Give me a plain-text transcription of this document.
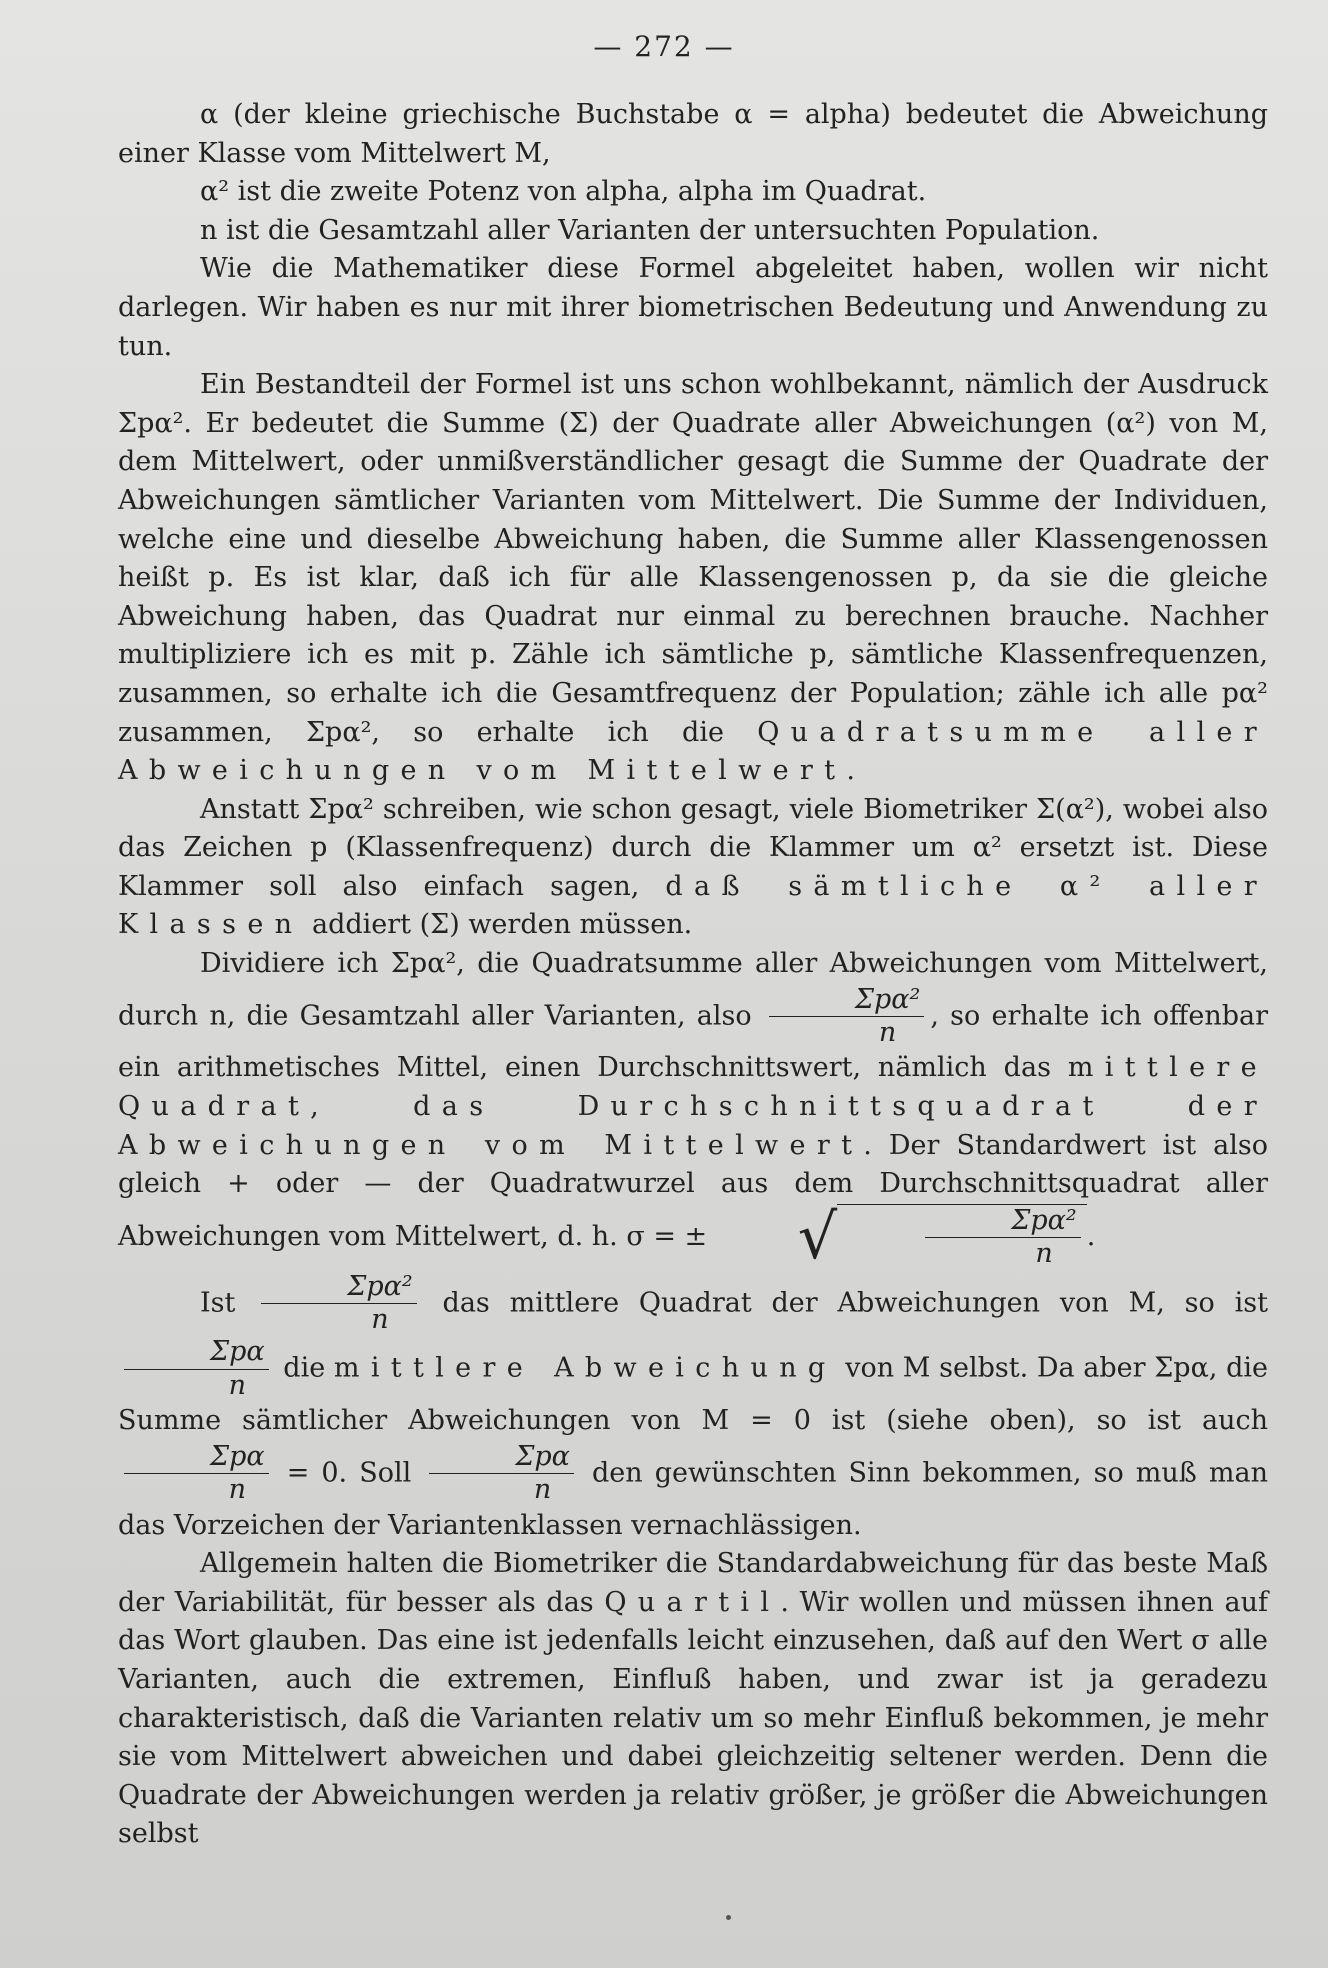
— 272 —

α (der kleine griechische Buchstabe α = alpha) bedeutet die Abweichung einer Klasse vom Mittelwert M,

α² ist die zweite Potenz von alpha, alpha im Quadrat.

n ist die Gesamtzahl aller Varianten der untersuchten Population.

Wie die Mathematiker diese Formel abgeleitet haben, wollen wir nicht darlegen. Wir haben es nur mit ihrer biometrischen Bedeutung und Anwendung zu tun.

Ein Bestandteil der Formel ist uns schon wohlbekannt, nämlich der Ausdruck Σpα². Er bedeutet die Summe (Σ) der Quadrate aller Abweichungen (α²) von M, dem Mittelwert, oder unmißverständlicher gesagt die Summe der Quadrate der Abweichungen sämtlicher Varianten vom Mittelwert. Die Summe der Individuen, welche eine und dieselbe Abweichung haben, die Summe aller Klassengenossen heißt p. Es ist klar, daß ich für alle Klassengenossen p, da sie die gleiche Abweichung haben, das Quadrat nur einmal zu berechnen brauche. Nachher multipliziere ich es mit p. Zähle ich sämtliche p, sämtliche Klassenfrequenzen, zusammen, so erhalte ich die Gesamtfrequenz der Population; zähle ich alle pα² zusammen, Σpα², so erhalte ich die Quadratsumme aller Abweichungen vom Mittelwert.

Anstatt Σpα² schreiben, wie schon gesagt, viele Biometriker Σ(α²), wobei also das Zeichen p (Klassenfrequenz) durch die Klammer um α² ersetzt ist. Diese Klammer soll also einfach sagen, daß sämtliche α² aller Klassen addiert (Σ) werden müssen.

Dividiere ich Σpα², die Quadratsumme aller Abweichungen vom Mittelwert, durch n, die Gesamtzahl aller Varianten, also $\frac{\text{Σpα²}}{n}$ , so erhalte ich offenbar ein arithmetisches Mittel, einen Durchschnittswert, nämlich das mittlere Quadrat, das Durchschnittsquadrat der Abweichungen vom Mittelwert. Der Standardwert ist also gleich + oder — der Quadratwurzel aus dem Durchschnittsquadrat aller Abweichungen vom Mittelwert, d. h. σ = ± √	$\frac{\text{Σpα²}}{n}$ .

Ist $\frac{\text{Σpα²}}{n}$ das mittlere Quadrat der Abweichungen von M, so ist
$\frac{\text{Σpα}}{n}$ die mittlere Abweichung von M selbst. Da aber Σpα, die Summe sämtlicher Abweichungen von M = 0 ist (siehe oben), so ist auch
$\frac{\text{Σpα}}{n} = 0$. Soll $\frac{\text{Σpα}}{n}$ den gewünschten Sinn bekommen, so muß man das Vorzeichen der Variantenklassen vernachlässigen.

Allgemein halten die Biometriker die Standardabweichung für das beste Maß der Variabilität, für besser als das Quartil. Wir wollen und müssen ihnen auf das Wort glauben. Das eine ist jedenfalls leicht einzusehen, daß auf den Wert σ alle Varianten, auch die extremen, Einfluß haben, und zwar ist ja geradezu charakteristisch, daß die Varianten relativ um so mehr Einfluß bekommen, je mehr sie vom Mittelwert abweichen und dabei gleichzeitig seltener werden. Denn die Quadrate der Abweichungen werden ja relativ größer, je größer die Abweichungen selbst
